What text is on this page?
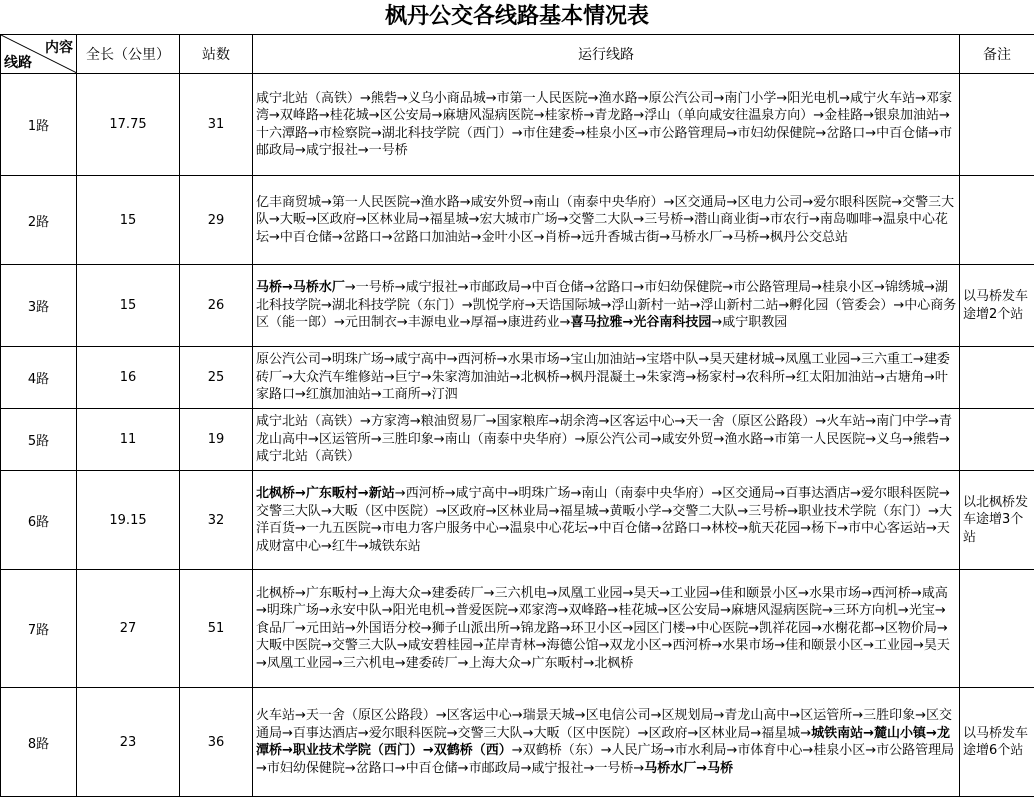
枫丹公交各线路基本情况表
内容
线路	全长（公里）	站数	运行线路	备注
1路	17.75	31	咸宁北站（高铁）→熊砦→义乌小商品城→市第一人民医院→渔水路→原公汽公司→南门小学→阳光电机→咸宁火车站→邓家湾→双峰路→桂花城→区公安局→麻塘风湿病医院→桂家桥→青龙路→浮山（单向咸安往温泉方向）→金桂路→银泉加油站→十六潭路→市检察院→湖北科技学院（西门）→市住建委→桂泉小区→市公路管理局→市妇幼保健院→岔路口→中百仓储→市邮政局→咸宁报社→一号桥	
2路	15	29	亿丰商贸城→第一人民医院→渔水路→咸安外贸→南山（南泰中央华府）→区交通局→区电力公司→爱尔眼科医院→交警三大队→大畈→区政府→区林业局→福星城→宏大城市广场→交警二大队→三号桥→潜山商业街→市农行→南岛咖啡→温泉中心花坛→中百仓储→岔路口→岔路口加油站→金叶小区→肖桥→远升香城古街→马桥水厂→马桥→枫丹公交总站	
3路	15	26	马桥→马桥水厂→一号桥→咸宁报社→市邮政局→中百仓储→岔路口→市妇幼保健院→市公路管理局→桂泉小区→锦绣城→湖北科技学院→湖北科技学院（东门）→凯悦学府→天诰国际城→浮山新村一站→浮山新村二站→孵化园（管委会）→中心商务区（能一郎）→元田制衣→丰源电业→厚福→康进药业→喜马拉雅→光谷南科技园→咸宁职教园	以马桥发车途增2个站
4路	16	25	原公汽公司→明珠广场→咸宁高中→西河桥→水果市场→宝山加油站→宝塔中队→昊天建材城→凤凰工业园→三六重工→建委砖厂→大众汽车维修站→巨宁→朱家湾加油站→北枫桥→枫丹混凝土→朱家湾→杨家村→农科所→红太阳加油站→古塘角→叶家路口→红旗加油站→工商所→汀泗	
5路	11	19	咸宁北站（高铁）→方家湾→粮油贸易厂→国家粮库→胡余湾→区客运中心→天一舍（原区公路段）→火车站→南门中学→青龙山高中→区运管所→三胜印象→南山（南泰中央华府）→原公汽公司→咸安外贸→渔水路→市第一人民医院→义乌→熊砦→咸宁北站（高铁）	
6路	19.15	32	北枫桥→广东畈村→新站→西河桥→咸宁高中→明珠广场→南山（南泰中央华府）→区交通局→百事达酒店→爱尔眼科医院→交警三大队→大畈（区中医院）→区政府→区林业局→福星城→黄畈小学→交警二大队→三号桥→职业技术学院（东门）→大洋百货→一九五医院→市电力客户服务中心→温泉中心花坛→中百仓储→岔路口→林校→航天花园→杨下→市中心客运站→天成财富中心→红牛→城铁东站	以北枫桥发车途增3个站
7路	27	51	北枫桥→广东畈村→上海大众→建委砖厂→三六机电→凤凰工业园→昊天→工业园→佳和颐景小区→水果市场→西河桥→咸高→明珠广场→永安中队→阳光电机→普爱医院→邓家湾→双峰路→桂花城→区公安局→麻塘风湿病医院→三环方向机→光宝→食品厂→元田站→外国语分校→狮子山派出所→锦龙路→环卫小区→园区门楼→中心医院→凯祥花园→水榭花都→区物价局→大畈中医院→交警三大队→咸安碧桂园→芷岸青林→海德公馆→双龙小区→西河桥→水果市场→佳和颐景小区→工业园→昊天→凤凰工业园→三六机电→建委砖厂→上海大众→广东畈村→北枫桥	
8路	23	36	火车站→天一舍（原区公路段）→区客运中心→瑞景天城→区电信公司→区规划局→青龙山高中→区运管所→三胜印象→区交通局→百事达酒店→爱尔眼科医院→交警三大队→大畈（区中医院）→区政府→区林业局→福星城→城铁南站→麓山小镇→龙潭桥→职业技术学院（西门）→双鹤桥（西）→双鹤桥（东）→人民广场→市水利局→市体育中心→桂泉小区→市公路管理局→市妇幼保健院→岔路口→中百仓储→市邮政局→咸宁报社→一号桥→马桥水厂→马桥	以马桥发车途增6个站
